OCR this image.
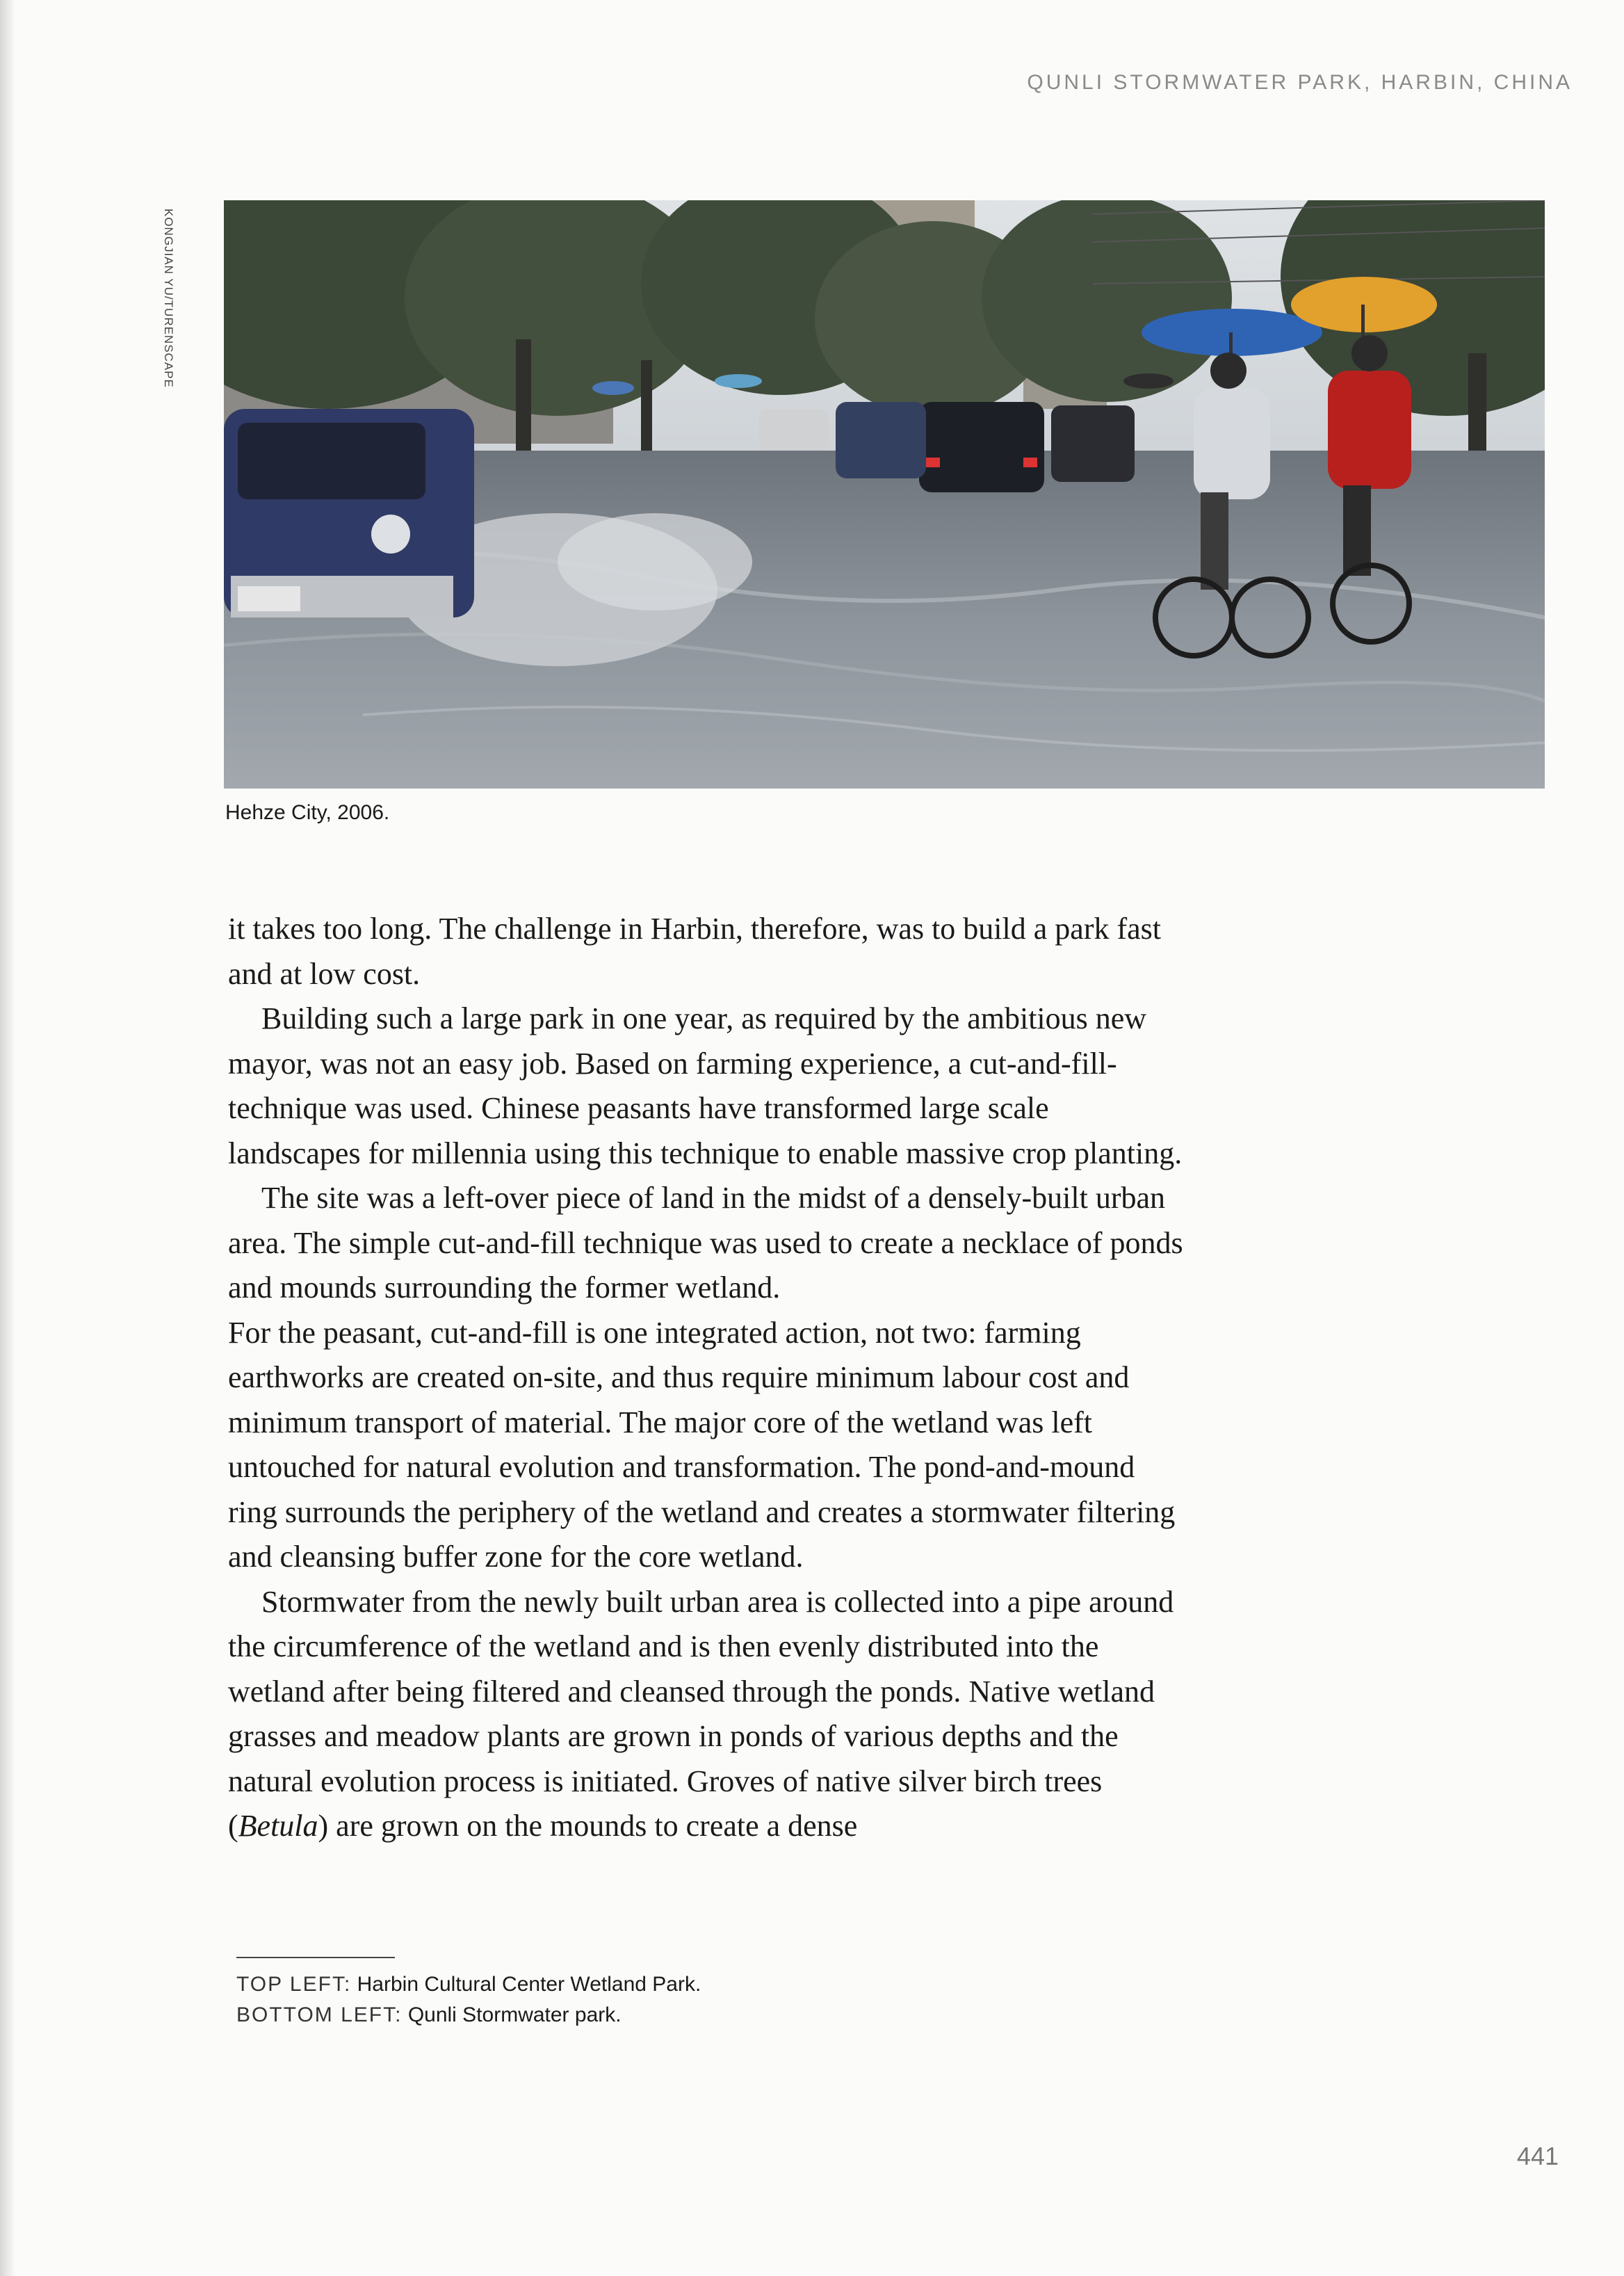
QUNLI STORMWATER PARK, HARBIN, CHINA
KONGJIAN YU/TURENSCAPE
Hehze City, 2006.

it takes too long. The challenge in Harbin, therefore, was to build a park fast and at low cost.

Building such a large park in one year, as required by the ambitious new mayor, was not an easy job. Based on farming experience, a cut-and-fill-technique was used. Chinese peasants have transformed large scale landscapes for millennia using this technique to enable massive crop planting.

The site was a left-over piece of land in the midst of a densely-built urban area. The simple cut-and-fill technique was used to create a necklace of ponds and mounds surrounding the former wetland.

For the peasant, cut-and-fill is one integrated action, not two: farming earthworks are created on-site, and thus require minimum labour cost and minimum transport of material. The major core of the wetland was left untouched for natural evolution and transformation. The pond-and-mound ring surrounds the periphery of the wetland and creates a stormwater filtering and cleansing buffer zone for the core wetland.

Stormwater from the newly built urban area is collected into a pipe around the circumference of the wetland and is then evenly distributed into the wetland after being filtered and cleansed through the ponds. Native wetland grasses and meadow plants are grown in ponds of various depths and the natural evolution process is initiated. Groves of native silver birch trees (Betula) are grown on the mounds to create a dense

TOP LEFT: Harbin Cultural Center Wetland Park.
BOTTOM LEFT: Qunli Stormwater park.
441
